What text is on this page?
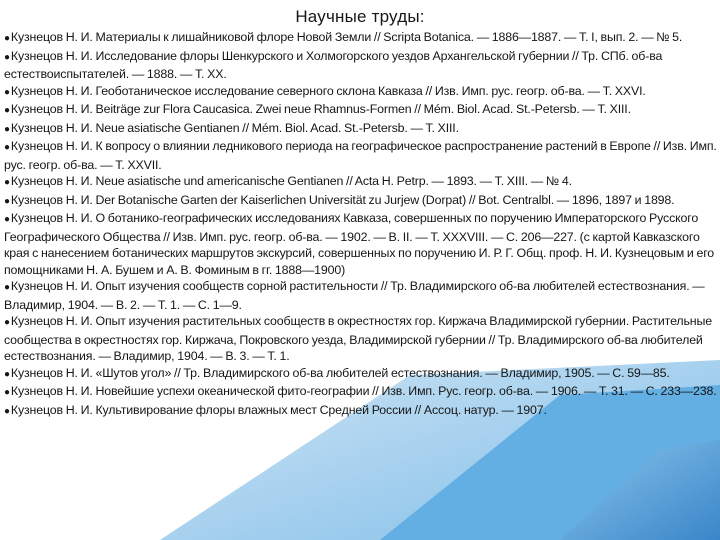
Научные труды:
● Кузнецов Н. И. Материалы к лишайниковой флоре Новой Земли // Scripta Botanica. — 1886—1887. — Т. I, вып. 2. — № 5.
● Кузнецов Н. И. Исследование флоры Шенкурского и Холмогорского уездов Архангельской губернии // Тр. СПб. об-ва естествоиспытателей. — 1888. — Т. XX.
● Кузнецов Н. И. Геоботаническое исследование северного склона Кавказа // Изв. Имп. рус. геогр. об-ва. — Т. XXVI.
● Кузнецов Н. И. Beiträge zur Flora Caucasica. Zwei neue Rhamnus-Formen // Mém. Biol. Acad. St.-Petersb. — Т. XIII.
● Кузнецов Н. И. Neue asiatische Gentianen // Mém. Biol. Acad. St.-Petersb. — Т. XIII.
● Кузнецов Н. И. К вопросу о влиянии ледникового периода на географическое распространение растений в Европе // Изв. Имп. рус. геогр. об-ва. — Т. XXVII.
● Кузнецов Н. И. Neue asiatische und americanische Gentianen // Acta H. Petrp. — 1893. — Т. XIII. — № 4.
● Кузнецов Н. И. Der Botanische Garten der Kaiserlichen Universität zu Jurjew (Dorpat) // Bot. Centralbl. — 1896, 1897 и 1898.
● Кузнецов Н. И. О ботанико-географических исследованиях Кавказа, совершенных по поручению Императорского Русского Географического Общества // Изв. Имп. рус. геогр. об-ва. — 1902. — В. II. — Т. XXXVIII. — С. 206—227. (с картой Кавказского края с нанесением ботанических маршрутов экскурсий, совершенных по поручению И. Р. Г. Общ. проф. Н. И. Кузнецовым и его помощниками Н. А. Бушем и А. В. Фоминым в гг. 1888—1900)
● Кузнецов Н. И. Опыт изучения сообществ сорной растительности // Тр. Владимирского об-ва любителей естествознания. — Владимир, 1904. — В. 2. — Т. 1. — С. 1—9.
● Кузнецов Н. И. Опыт изучения растительных сообществ в окрестностях гор. Киржача Владимирской губернии. Растительные сообщества в окрестностях гор. Киржача, Покровского уезда, Владимирской губернии // Тр. Владимирского об-ва любителей естествознания. — Владимир, 1904. — В. 3. — Т. 1.
● Кузнецов Н. И. «Шутов угол» // Тр. Владимирского об-ва любителей естествознания. — Владимир, 1905. — С. 59—85.
● Кузнецов Н. И. Новейшие успехи океанической фито-географии // Изв. Имп. Рус. геогр. об-ва. — 1906. — Т. 31. — С. 233—238.
● Кузнецов Н. И. Культивирование флоры влажных мест Средней России // Ассоц. натур. — 1907.
